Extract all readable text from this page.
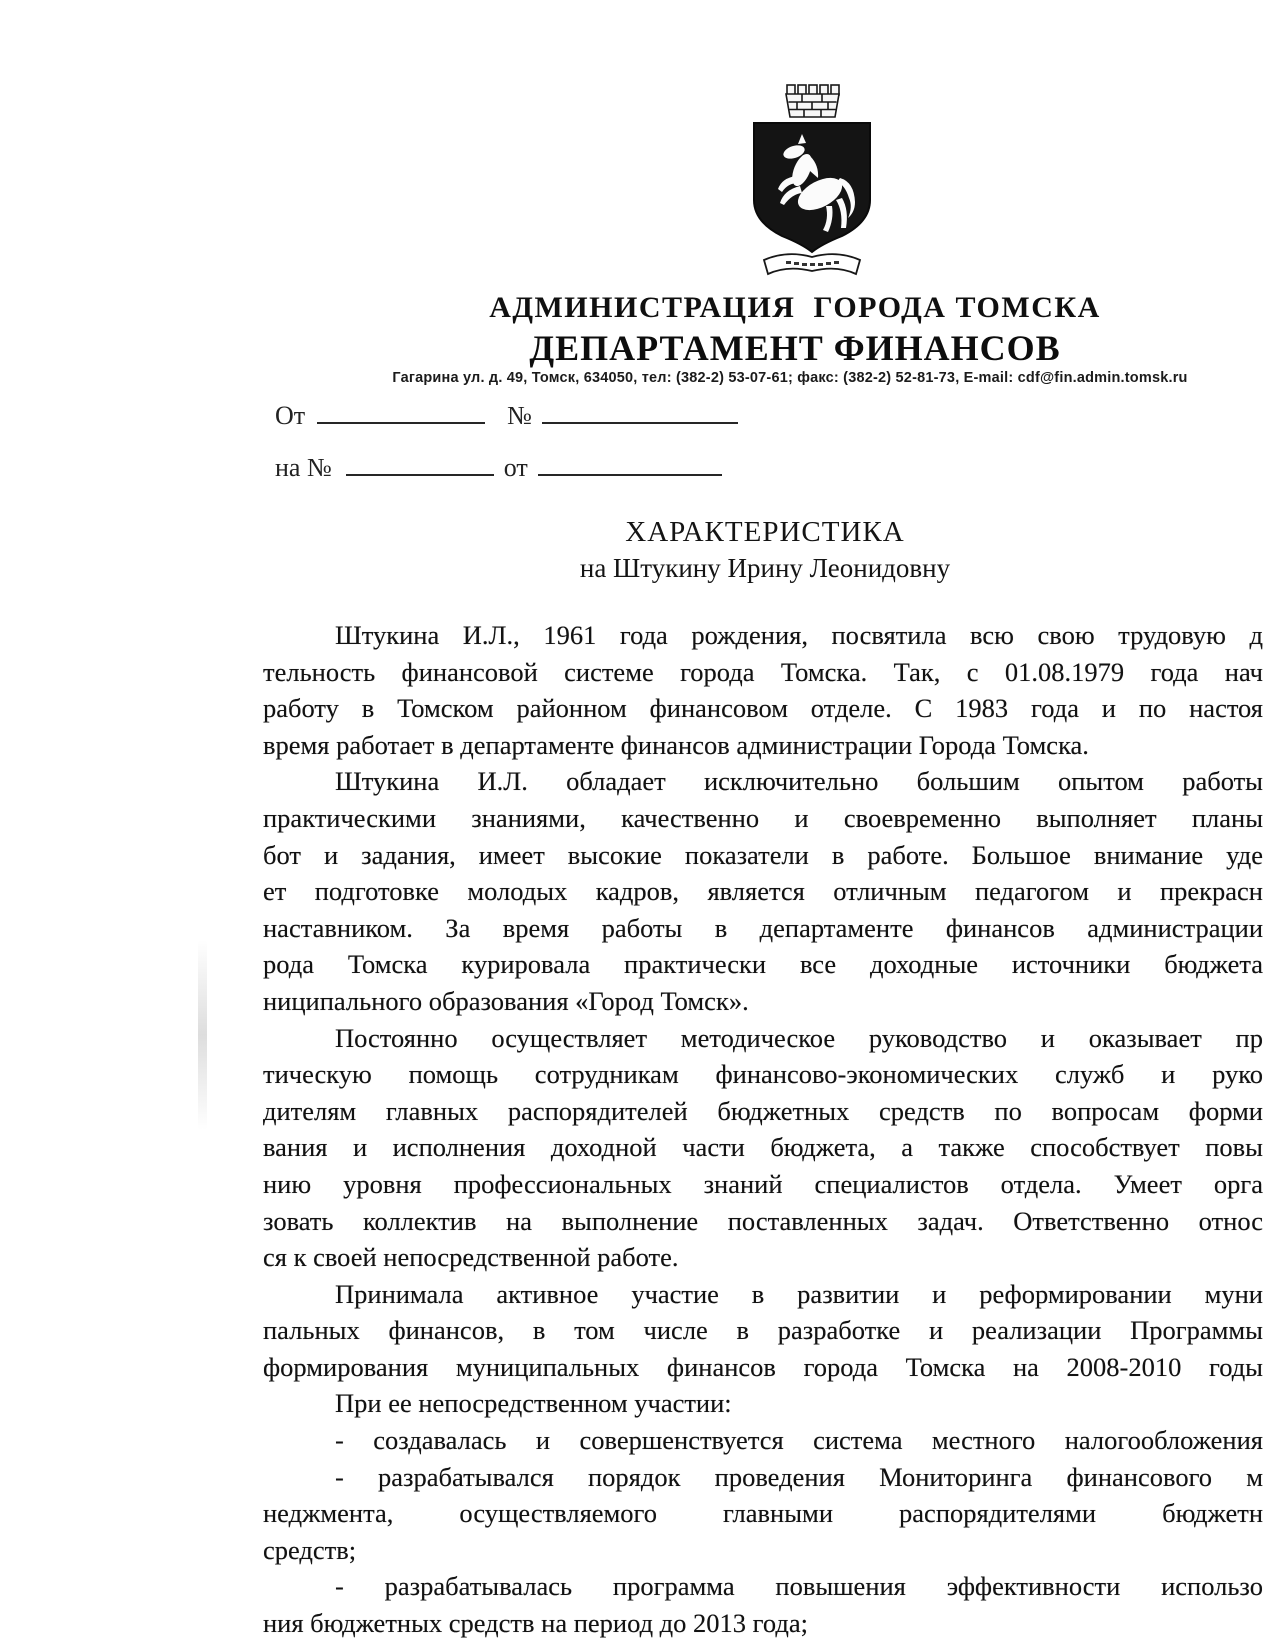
АДМИНИСТРАЦИЯ  ГОРОДА ТОМСКА
ДЕПАРТАМЕНТ ФИНАНСОВ
Гагарина ул. д. 49, Томск, 634050, тел: (382-2) 53-07-61; факс: (382-2) 52-81-73, E-mail: cdf@fin.admin.tomsk.ru
От	№
на №	от
ХАРАКТЕРИСТИКА
на Штукину Ирину Леонидовну
Штукина И.Л., 1961 года рождения, посвятила всю свою трудовую д
тельность финансовой системе города Томска. Так, с 01.08.1979 года нач
работу в Томском районном финансовом отделе. С 1983 года и по настоя
время работает в департаменте финансов администрации Города Томска.
Штукина И.Л. обладает исключительно большим опытом работы
практическими знаниями, качественно и своевременно выполняет планы
бот и задания, имеет высокие показатели в работе. Большое внимание уде
ет подготовке молодых кадров, является отличным педагогом и прекрасн
наставником. За время работы в департаменте финансов администрации
рода Томска курировала практически все доходные источники бюджета
ниципального образования «Город Томск».
Постоянно осуществляет методическое руководство и оказывает пр
тическую помощь сотрудникам финансово-экономических служб и руко
дителям главных распорядителей бюджетных средств по вопросам форми
вания и исполнения доходной части бюджета, а также способствует повы
нию уровня профессиональных знаний специалистов отдела. Умеет орга
зовать коллектив на выполнение поставленных задач. Ответственно относ
ся к своей непосредственной работе.
Принимала активное участие в развитии и реформировании муни
пальных финансов, в том числе в разработке и реализации Программы
формирования муниципальных финансов города Томска на 2008-2010 годы
При ее непосредственном участии:
- создавалась и совершенствуется система местного налогообложения
- разрабатывался порядок проведения Мониторинга финансового м
неджмента, осуществляемого главными распорядителями бюджетн
средств;
- разрабатывалась программа повышения эффективности использо
ния бюджетных средств на период до 2013 года;
